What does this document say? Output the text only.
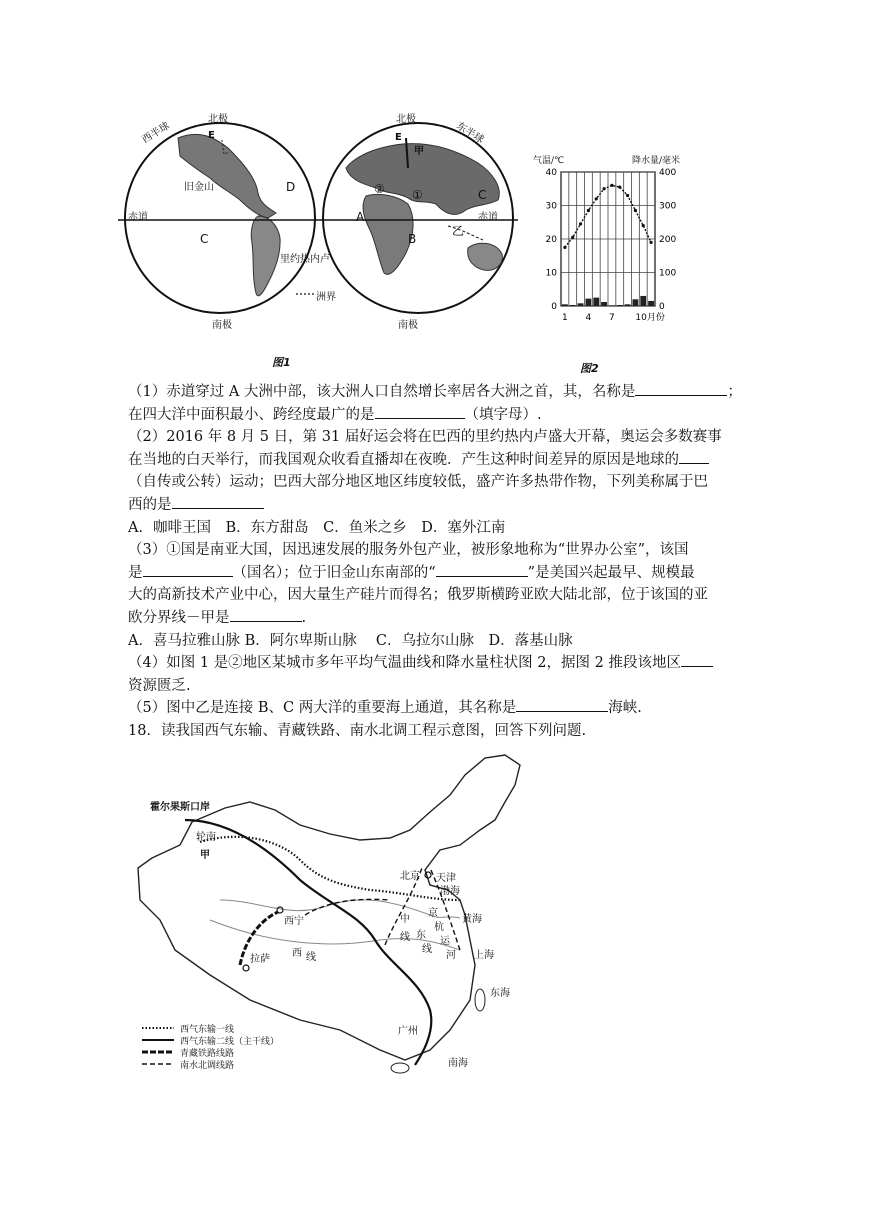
西半球
北极
E
旧金山	D
赤道
C
里约热内卢
洲界
南极
北极
东半球
E
甲
② ①	C
A	赤道
乙
B
南极
图1
气温/℃	降水量/毫米
0	0
10	100
20	200
30	300
40	400
1 4 7 10月份
图2

（1）赤道穿过 A 大洲中部，该大洲人口自然增长率居各大洲之首，其，名称是	；

在四大洋中面积最小、跨经度最广的是	（填字母）.

（2）2016 年 8 月 5 日，第 31 届好运会将在巴西的里约热内卢盛大开幕，奥运会多数赛事

在当地的白天举行，而我国观众收看直播却在夜晚．产生这种时间差异的原因是地球的

（自传或公转）运动；巴西大部分地区地区纬度较低，盛产许多热带作物，下列美称属于巴

西的是

A．咖啡王国　B．东方甜岛　C．鱼米之乡　D．塞外江南

（3）①国是南亚大国，因迅速发展的服务外包产业，被形象地称为“世界办公室”，该国

是	（国名）；位于旧金山东南部的“	”是美国兴起最早、规模最

大的高新技术产业中心，因大量生产硅片而得名；俄罗斯横跨亚欧大陆北部，位于该国的亚

欧分界线－甲是	.

A．喜马拉雅山脉 B．阿尔卑斯山脉　 C．乌拉尔山脉　D．落基山脉

（4）如图 1 是②地区某城市多年平均气温曲线和降水量柱状图 2，据图 2 推段该地区

资源匮乏.

（5）图中乙是连接 B、C 两大洋的重要海上通道，其名称是	海峡.

18．读我国西气东输、青藏铁路、南水北调工程示意图，回答下列问题.

霍尔果斯口岸
轮南
甲
北京 天津
渤海
黄海
西宁	中
线
京
杭
东
运
线
河
拉萨
西 线	上海
东海
广州
南海
西气东输一线
西气东输二线（主干线）
青藏铁路线路
南水北调线路
